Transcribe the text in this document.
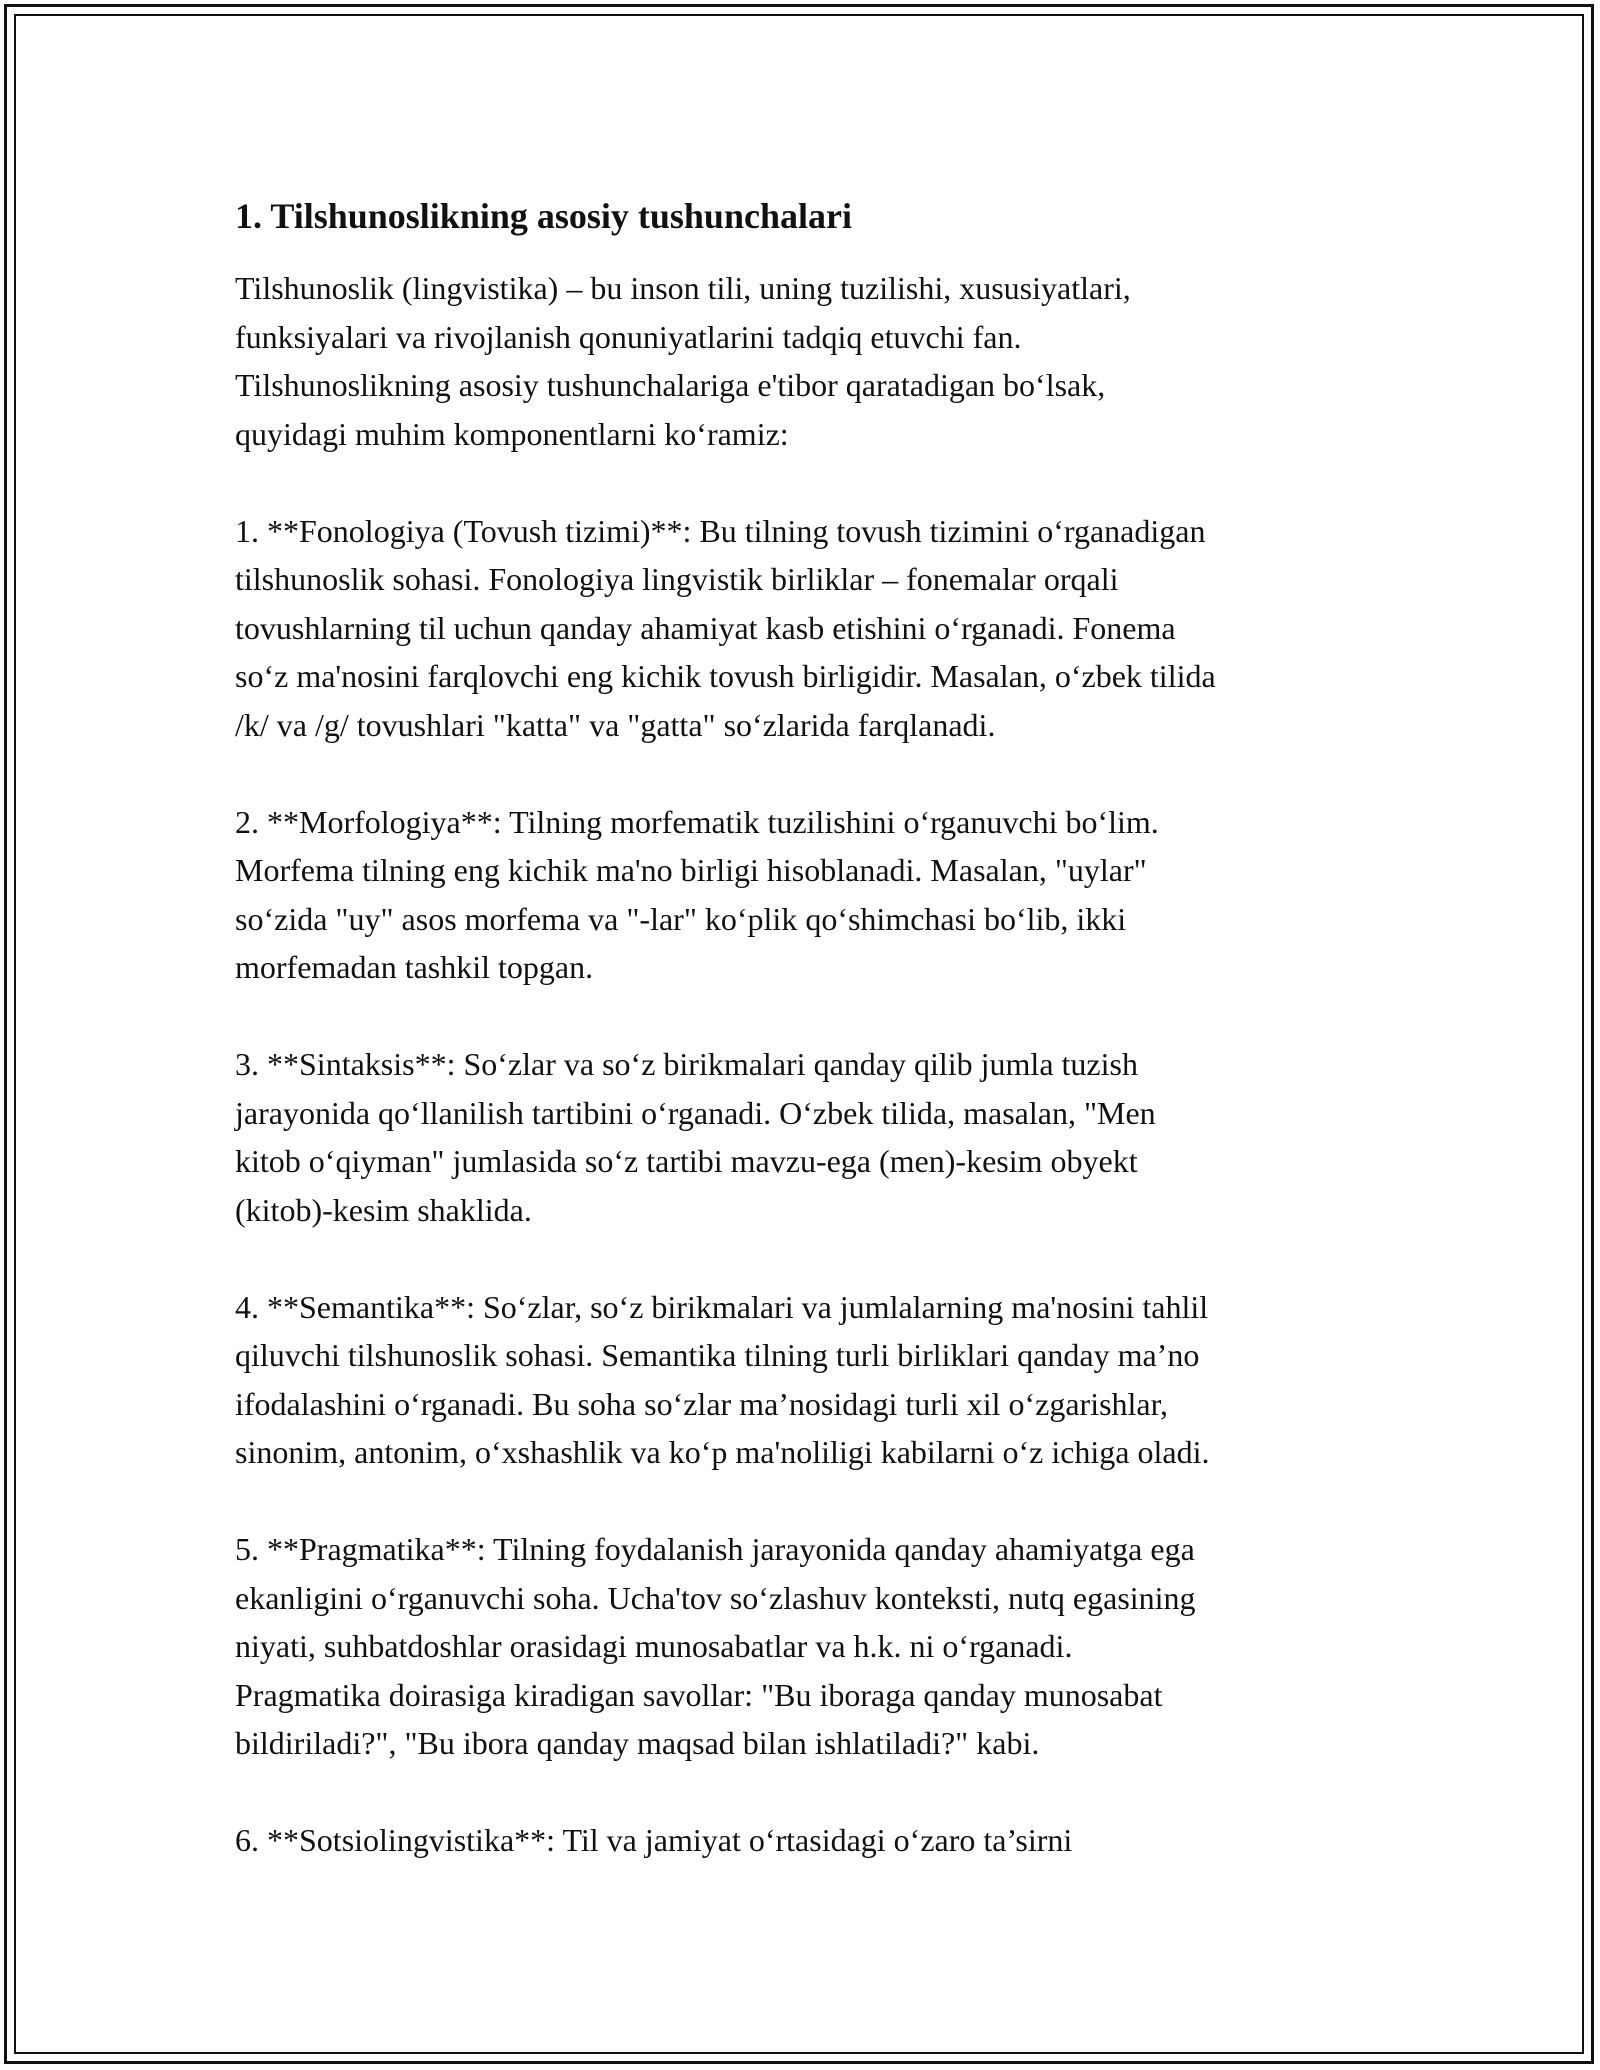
1. Tilshunoslikning asosiy tushunchalari
Tilshunoslik (lingvistika) – bu inson tili, uning tuzilishi, xususiyatlari,
funksiyalari va rivojlanish qonuniyatlarini tadqiq etuvchi fan.
Tilshunoslikning asosiy tushunchalariga e'tibor qaratadigan boʻlsak,
quyidagi muhim komponentlarni koʻramiz:
1. **Fonologiya (Tovush tizimi)**: Bu tilning tovush tizimini oʻrganadigan
tilshunoslik sohasi. Fonologiya lingvistik birliklar – fonemalar orqali
tovushlarning til uchun qanday ahamiyat kasb etishini oʻrganadi. Fonema
soʻz ma'nosini farqlovchi eng kichik tovush birligidir. Masalan, oʻzbek tilida
/k/ va /g/ tovushlari "katta" va "gatta" soʻzlarida farqlanadi.
2. **Morfologiya**: Tilning morfematik tuzilishini oʻrganuvchi boʻlim.
Morfema tilning eng kichik ma'no birligi hisoblanadi. Masalan, "uylar"
soʻzida "uy" asos morfema va "-lar" koʻplik qoʻshimchasi boʻlib, ikki
morfemadan tashkil topgan.
3. **Sintaksis**: Soʻzlar va soʻz birikmalari qanday qilib jumla tuzish
jarayonida qoʻllanilish tartibini oʻrganadi. Oʻzbek tilida, masalan, "Men
kitob oʻqiyman" jumlasida soʻz tartibi mavzu-ega (men)-kesim obyekt
(kitob)-kesim shaklida.
4. **Semantika**: Soʻzlar, soʻz birikmalari va jumlalarning ma'nosini tahlil
qiluvchi tilshunoslik sohasi. Semantika tilning turli birliklari qanday ma’no
ifodalashini oʻrganadi. Bu soha soʻzlar ma’nosidagi turli xil oʻzgarishlar,
sinonim, antonim, oʻxshashlik va koʻp ma'noliligi kabilarni oʻz ichiga oladi.
5. **Pragmatika**: Tilning foydalanish jarayonida qanday ahamiyatga ega
ekanligini oʻrganuvchi soha. Ucha'tov soʻzlashuv konteksti, nutq egasining
niyati, suhbatdoshlar orasidagi munosabatlar va h.k. ni oʻrganadi.
Pragmatika doirasiga kiradigan savollar: "Bu iboraga qanday munosabat
bildiriladi?", "Bu ibora qanday maqsad bilan ishlatiladi?" kabi.
6. **Sotsiolingvistika**: Til va jamiyat oʻrtasidagi oʻzaro ta’sirni
